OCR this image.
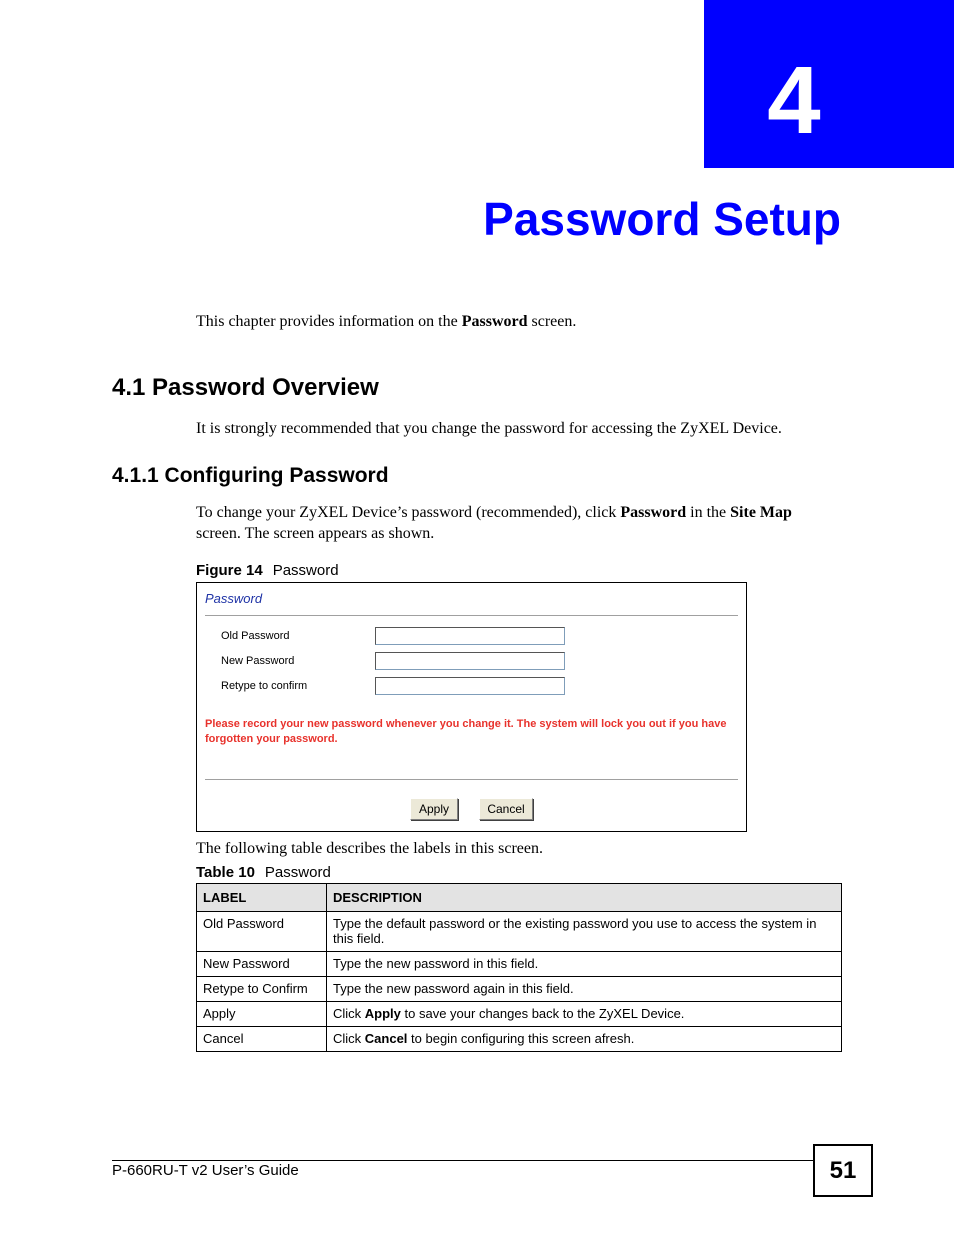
4
Password Setup

This chapter provides information on the Password screen.

4.1 Password Overview

It is strongly recommended that you change the password for accessing the ZyXEL Device.

4.1.1 Configuring Password

To change your ZyXEL Device’s password (recommended), click Password in the Site Map
screen. The screen appears as shown.

Figure 14 Password
Password
Old Password
New Password
Retype to confirm
Please record your new password whenever you change it. The system will lock you out if you have forgotten your password.
Apply	Cancel

The following table describes the labels in this screen.

Table 10 Password
LABEL	DESCRIPTION
Old Password	Type the default password or the existing password you use to access the system in this field.
New Password	Type the new password in this field.
Retype to Confirm	Type the new password again in this field.
Apply	Click Apply to save your changes back to the ZyXEL Device.
Cancel	Click Cancel to begin configuring this screen afresh.
P-660RU-T v2 User’s Guide	51
